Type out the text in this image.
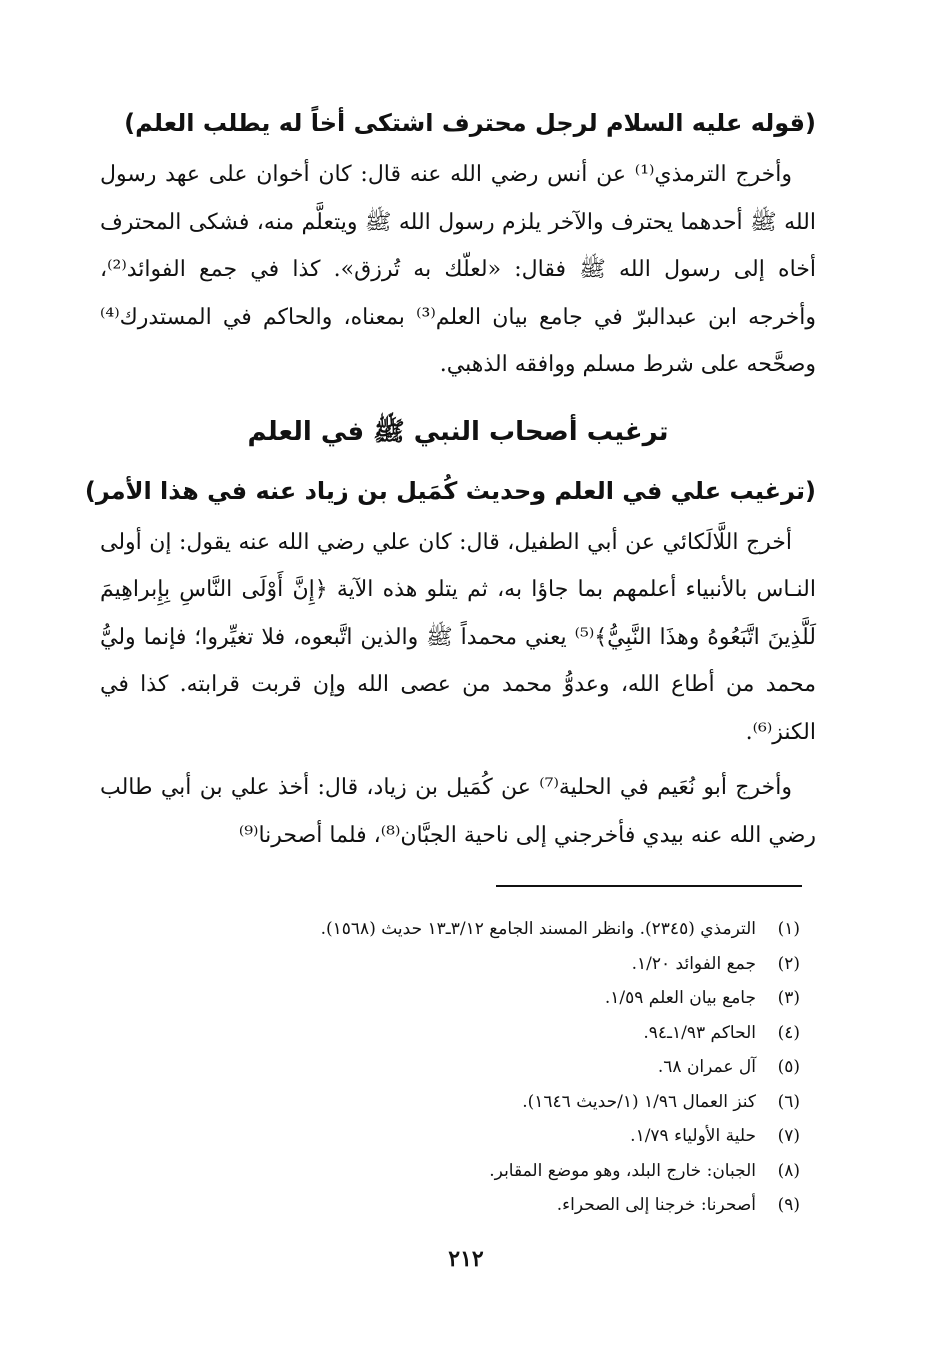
(قوله عليه السلام لرجل محترف اشتكى أخاً له يطلب العلم)

وأخرج الترمذي⁽¹⁾ عن أنس رضي الله عنه قال: كان أخوان على عهد رسول الله ﷺ أحدهما يحترف والآخر يلزم رسول الله ﷺ ويتعلَّم منه، فشكى المحترف أخاه إلى رسول الله ﷺ فقال: «لعلّك به تُرزق». كذا في جمع الفوائد⁽²⁾، وأخرجه ابن عبدالبرّ في جامع بيان العلم⁽³⁾ بمعناه، والحاكم في المستدرك⁽⁴⁾ وصحَّحه على شرط مسلم ووافقه الذهبي.

ترغيب أصحاب النبي ﷺ في العلم
(ترغيب علي في العلم وحديث كُمَيل بن زياد عنه في هذا الأمر)

أخرج اللَّالَكائي عن أبي الطفيل، قال: كان علي رضي الله عنه يقول: إن أولى النـاس بالأنبياء أعلمهم بما جاؤا به، ثم يتلو هذه الآية ﴿إِنَّ أَوْلَى النَّاسِ بِإِبراهِيمَ لَلَّذِينَ اتَّبَعُوهُ وهذَا النَّبِيُّ﴾⁽⁵⁾ يعني محمداً ﷺ والذين اتَّبعوه، فلا تغيِّروا؛ فإنما وليُّ محمد من أطاع الله، وعدوُّ محمد من عصى الله وإن قربت قرابته. كذا في الكنز⁽⁶⁾.

وأخرج أبو نُعَيم في الحلية⁽⁷⁾ عن كُمَيل بن زياد، قال: أخذ علي بن أبي طالب رضي الله عنه بيدي فأخرجني إلى ناحية الجبَّان⁽⁸⁾، فلما أصحرنا⁽⁹⁾

(١)الترمذي (٢٣٤٥). وانظر المسند الجامع ٣/١٢ـ١٣ حديث (١٥٦٨).

(٢)جمع الفوائد ١/٢٠.

(٣)جامع بيان العلم ١/٥٩.

(٤)الحاكم ١/٩٣ـ٩٤.

(٥)آل عمران ٦٨.

(٦)كنز العمال ١/٩٦ (١/حديث ١٦٤٦).

(٧)حلية الأولياء ١/٧٩.

(٨)الجبان: خارج البلد، وهو موضع المقابر.

(٩)أصحرنا: خرجنا إلى الصحراء.

٢١٢
